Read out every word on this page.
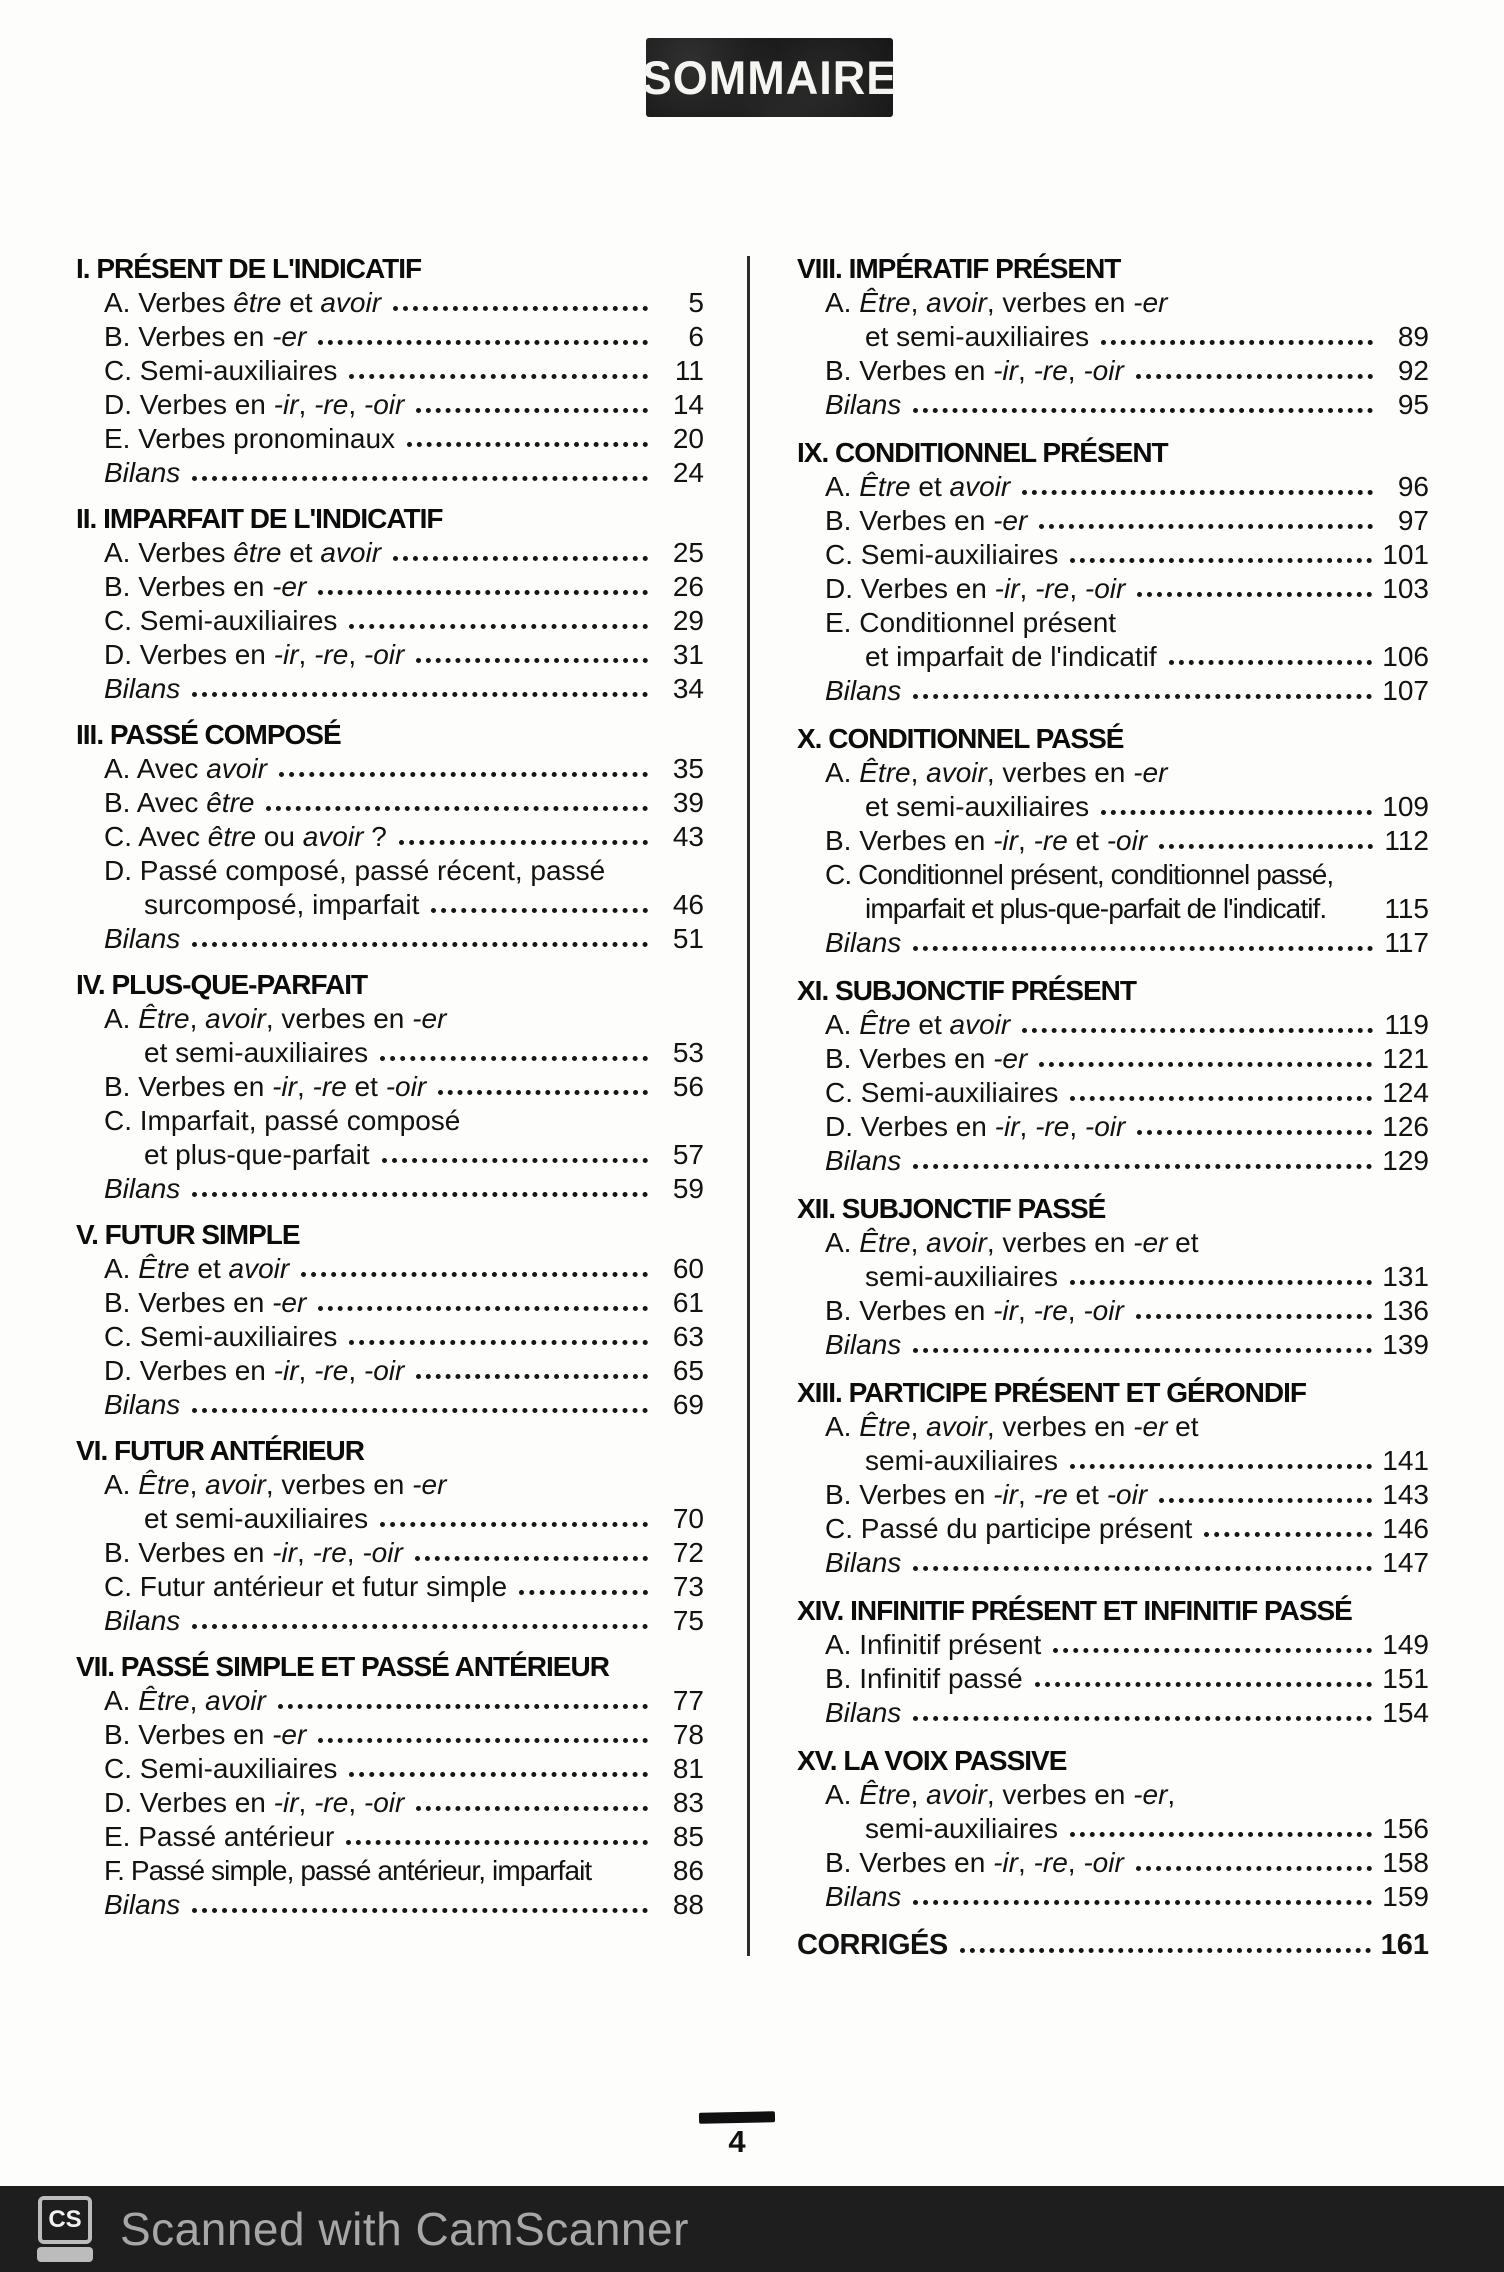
SOMMAIRE
I. PRÉSENT DE L'INDICATIF
A. Verbes être et avoir	5
B. Verbes en -er	6
C. Semi-auxiliaires	11
D. Verbes en -ir, -re, -oir	14
E. Verbes pronominaux	20
Bilans	24
II. IMPARFAIT DE L'INDICATIF
A. Verbes être et avoir	25
B. Verbes en -er	26
C. Semi-auxiliaires	29
D. Verbes en -ir, -re, -oir	31
Bilans	34
III. PASSÉ COMPOSÉ
A. Avec avoir	35
B. Avec être	39
C. Avec être ou avoir ?	43
D. Passé composé, passé récent, passé
surcomposé, imparfait	46
Bilans	51
IV. PLUS-QUE-PARFAIT
A. Être, avoir, verbes en -er
et semi-auxiliaires	53
B. Verbes en -ir, -re et -oir	56
C. Imparfait, passé composé
et plus-que-parfait	57
Bilans	59
V. FUTUR SIMPLE
A. Être et avoir	60
B. Verbes en -er	61
C. Semi-auxiliaires	63
D. Verbes en -ir, -re, -oir	65
Bilans	69
VI. FUTUR ANTÉRIEUR
A. Être, avoir, verbes en -er
et semi-auxiliaires	70
B. Verbes en -ir, -re, -oir	72
C. Futur antérieur et futur simple	73
Bilans	75
VII. PASSÉ SIMPLE ET PASSÉ ANTÉRIEUR
A. Être, avoir	77
B. Verbes en -er	78
C. Semi-auxiliaires	81
D. Verbes en -ir, -re, -oir	83
E. Passé antérieur	85
F. Passé simple, passé antérieur, imparfait	86
Bilans	88
VIII. IMPÉRATIF PRÉSENT
A. Être, avoir, verbes en -er
et semi-auxiliaires	89
B. Verbes en -ir, -re, -oir	92
Bilans	95
IX. CONDITIONNEL PRÉSENT
A. Être et avoir	96
B. Verbes en -er	97
C. Semi-auxiliaires	101
D. Verbes en -ir, -re, -oir	103
E. Conditionnel présent
et imparfait de l'indicatif	106
Bilans	107
X. CONDITIONNEL PASSÉ
A. Être, avoir, verbes en -er
et semi-auxiliaires	109
B. Verbes en -ir, -re et -oir	112
C. Conditionnel présent, conditionnel passé,
imparfait et plus-que-parfait de l'indicatif. 115
Bilans	117
XI. SUBJONCTIF PRÉSENT
A. Être et avoir	119
B. Verbes en -er	121
C. Semi-auxiliaires	124
D. Verbes en -ir, -re, -oir	126
Bilans	129
XII. SUBJONCTIF PASSÉ
A. Être, avoir, verbes en -er et
semi-auxiliaires	131
B. Verbes en -ir, -re, -oir	136
Bilans	139
XIII. PARTICIPE PRÉSENT ET GÉRONDIF
A. Être, avoir, verbes en -er et
semi-auxiliaires	141
B. Verbes en -ir, -re et -oir	143
C. Passé du participe présent	146
Bilans	147
XIV. INFINITIF PRÉSENT ET INFINITIF PASSÉ
A. Infinitif présent	149
B. Infinitif passé	151
Bilans	154
XV. LA VOIX PASSIVE
A. Être, avoir, verbes en -er,
semi-auxiliaires	156
B. Verbes en -ir, -re, -oir	158
Bilans	159
CORRIGÉS	161
4
CS Scanned with CamScanner
